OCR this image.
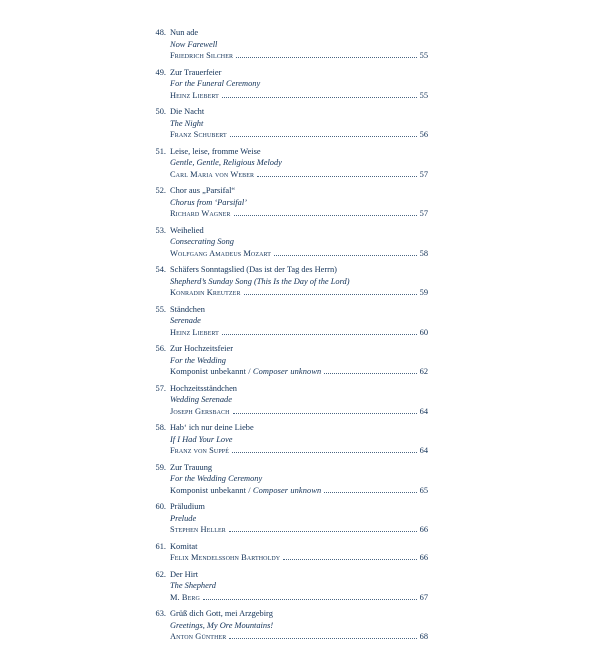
48. Nun ade
Now Farewell
Friedrich Silcher	55
49. Zur Trauerfeier
For the Funeral Ceremony
Heinz Liebert	55
50. Die Nacht
The Night
Franz Schubert	56
51. Leise, leise, fromme Weise
Gentle, Gentle, Religious Melody
Carl Maria von Weber	57
52. Chor aus „Parsifal“
Chorus from ‘Parsifal’
Richard Wagner	57
53. Weihelied
Consecrating Song
Wolfgang Amadeus Mozart	58
54. Schäfers Sonntagslied (Das ist der Tag des Herrn)
Shepherd’s Sunday Song (This Is the Day of the Lord)
Konradin Kreutzer	59
55. Ständchen
Serenade
Heinz Liebert	60
56. Zur Hochzeitsfeier
For the Wedding
Komponist unbekannt / Composer unknown	62
57. Hochzeitsständchen
Wedding Serenade
Joseph Gersbach	64
58. Hab‘ ich nur deine Liebe
If I Had Your Love
Franz von Suppé	64
59. Zur Trauung
For the Wedding Ceremony
Komponist unbekannt / Composer unknown	65
60. Präludium
Prelude
Stephen Heller	66
61. Komitat
Felix Mendelssohn Bartholdy	66
62. Der Hirt
The Shepherd
M. Berg	67
63. Grüß dich Gott, mei Arzgebirg
Greetings, My Ore Mountains!
Anton Günther	68
